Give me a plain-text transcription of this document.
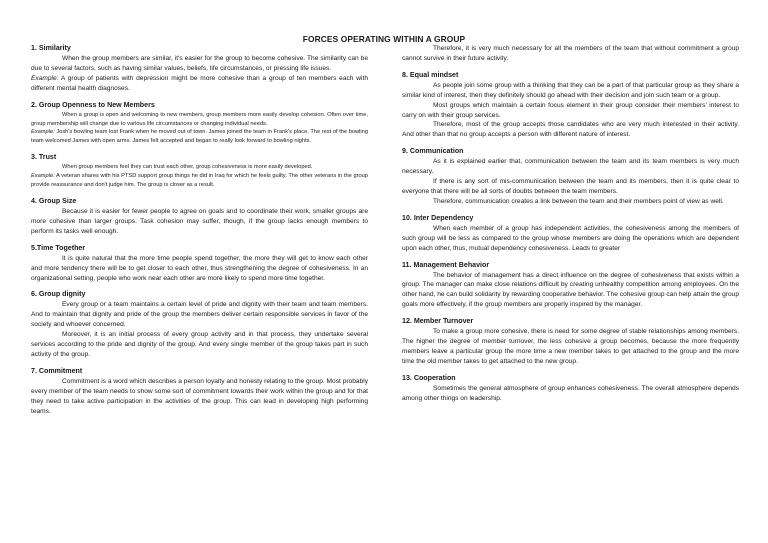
FORCES OPERATING WITHIN A GROUP
1. Similarity

When the group members are similar, it's easier for the group to become cohesive. The similarity can be due to several factors, such as having similar values, beliefs, life circumstances, or pressing life issues.

Example: A group of patients with depression might be more cohesive than a group of ten members each with different mental health diagnoses.

2. Group Openness to New Members

When a group is open and welcoming to new members, group members more easily develop cohesion. Often over time, group membership will change due to various life circumstances or changing individual needs.

Example: Josh's bowling team lost Frank when he moved out of town. James joined the team in Frank's place. The rest of the bowling team welcomed James with open arms. James felt accepted and began to really look forward to bowling nights.

3. Trust

When group members feel they can trust each other, group cohesiveness is more easily developed.

Example: A veteran shares with his PTSD support group things he did in Iraq for which he feels guilty. The other veterans in the group provide reassurance and don't judge him. The group is closer as a result.

4. Group Size

Because it is easier for fewer people to agree on goals and to coordinate their work, smaller groups are more cohesive than larger groups. Task cohesion may suffer, though, if the group lacks enough members to perform its tasks well enough.

5.Time Together

It is quite natural that the more time people spend together, the more they will get to know each other and more tendency there will be to get closer to each other, thus strengthening the degree of cohesiveness. In an organizational setting, people who work near each other are more likely to spend more time together.

6. Group dignity

Every group or a team maintains a certain level of pride and dignity with their team and team members. And to maintain that dignity and pride of the group the members deliver certain responsible services in favor of the society and whoever concerned.

Moreover, it is an initial process of every group activity and in that process, they undertake several services according to the pride and dignity of the group. And every single member of the group takes part in such activity of the group.

7. Commitment

Commitment is a word which describes a person loyalty and honesty relating to the group. Most probably every member of the team needs to show some sort of commitment towards their work within the group and for that they need to take active participation in the activities of the group. This can lead in developing high performing teams.

Therefore, it is very much necessary for all the members of the team that without commitment a group cannot survive in their future activity.

8. Equal mindset

As people join some group with a thinking that they can be a part of that particular group as they share a similar kind of interest, then they definitely should go ahead with their decision and join such team or a group.

Most groups which maintain a certain focus element in their group consider their members' interest to carry on with their group services.

Therefore, most of the group accepts those candidates who are very much interested in their activity. And other than that no group accepts a person with different nature of interest.

9. Communication

As it is explained earlier that, communication between the team and its team members is very much necessary.

If there is any sort of mis-communication between the team and its members, then it is quite clear to everyone that there will be all sorts of doubts between the team members.

Therefore, communication creates a link between the team and their members point of view as well.

10. Inter Dependency

When each member of a group has independent activities, the cohesiveness among the members of such group will be less as compared to the group whose members are doing the operations which are dependent upon each other, thus, mutual dependency cohesiveness. Leads to greater

11. Management Behavior

The behavior of management has a direct influence on the degree of cohesiveness that exists within a group. The manager can make close relations difficult by creating unhealthy competition among employees. On the other hand, he can build solidarity by rewarding cooperative behavior. The cohesive group can help attain the group goals more effectively, if the group members are properly inspired by the manager.

12. Member Turnover

To make a group more cohesive, there is need for some degree of stable relationships among members. The higher the degree of member turnover, the less cohesive a group becomes, because the more frequently members leave a particular group the more time a new member takes to get attached to the group and the more time the old member takes to get attached to the new group.

13. Cooperation

Sometimes the general atmosphere of group enhances cohesiveness. The overall atmosphere depends among other things on leadership.
